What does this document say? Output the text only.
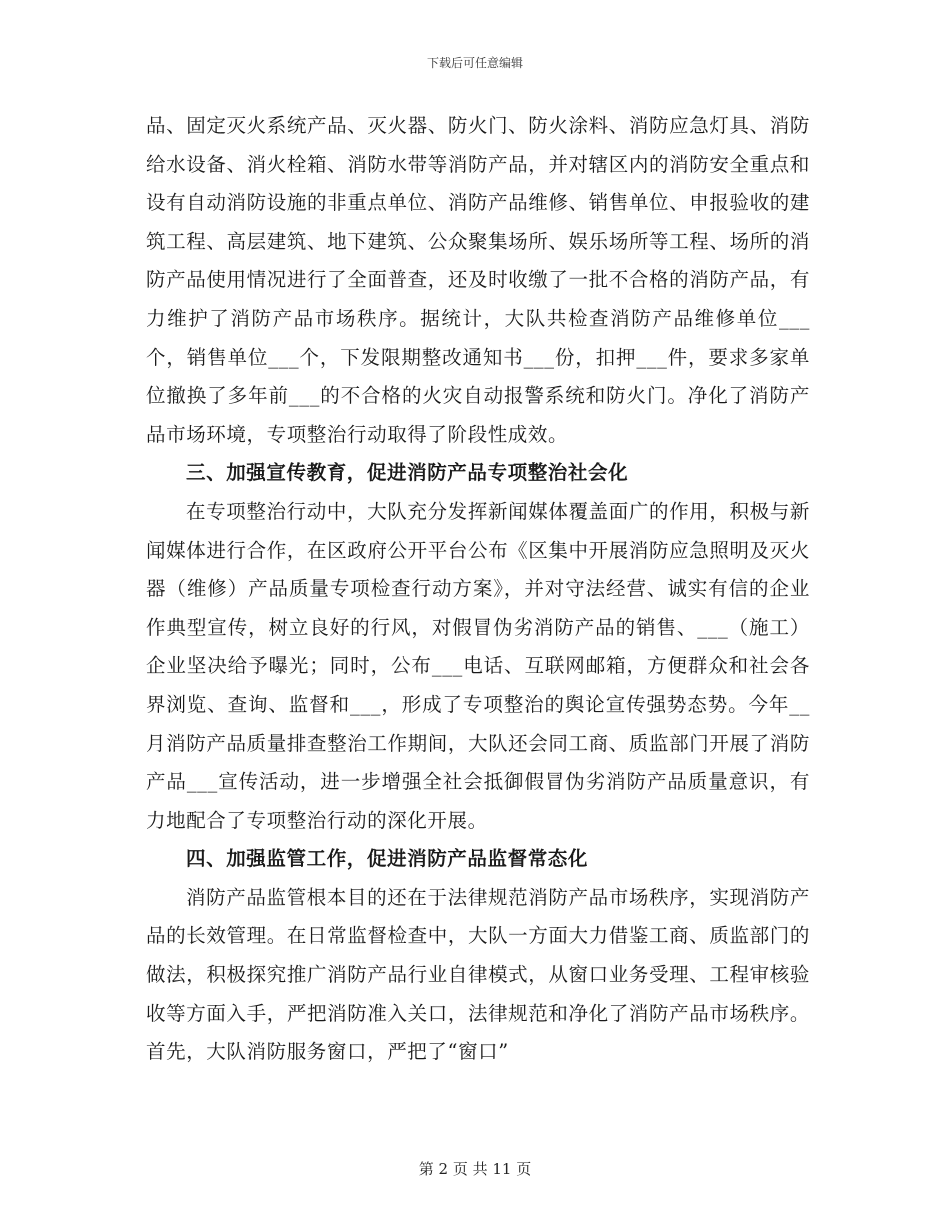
下载后可任意编辑

品、固定灭火系统产品、灭火器、防火门、防火涂料、消防应急灯具、消防给水设备、消火栓箱、消防水带等消防产品，并对辖区内的消防安全重点和设有自动消防设施的非重点单位、消防产品维修、销售单位、申报验收的建筑工程、高层建筑、地下建筑、公众聚集场所、娱乐场所等工程、场所的消防产品使用情况进行了全面普查，还及时收缴了一批不合格的消防产品，有力维护了消防产品市场秩序。据统计，大队共检查消防产品维修单位___个，销售单位___个，下发限期整改通知书___份，扣押___件，要求多家单位撤换了多年前___的不合格的火灾自动报警系统和防火门。净化了消防产品市场环境，专项整治行动取得了阶段性成效。

三、加强宣传教育，促进消防产品专项整治社会化

在专项整治行动中，大队充分发挥新闻媒体覆盖面广的作用，积极与新闻媒体进行合作，在区政府公开平台公布《区集中开展消防应急照明及灭火器（维修）产品质量专项检查行动方案》，并对守法经营、诚实有信的企业作典型宣传，树立良好的行风，对假冒伪劣消防产品的销售、___（施工）企业坚决给予曝光；同时，公布___电话、互联网邮箱，方便群众和社会各界浏览、查询、监督和___，形成了专项整治的舆论宣传强势态势。今年__月消防产品质量排查整治工作期间，大队还会同工商、质监部门开展了消防产品___宣传活动，进一步增强全社会抵御假冒伪劣消防产品质量意识，有力地配合了专项整治行动的深化开展。

四、加强监管工作，促进消防产品监督常态化

消防产品监管根本目的还在于法律规范消防产品市场秩序，实现消防产品的长效管理。在日常监督检查中，大队一方面大力借鉴工商、质监部门的做法，积极探究推广消防产品行业自律模式，从窗口业务受理、工程审核验收等方面入手，严把消防准入关口，法律规范和净化了消防产品市场秩序。首先，大队消防服务窗口，严把了“窗口”

第 2 页 共 11 页
